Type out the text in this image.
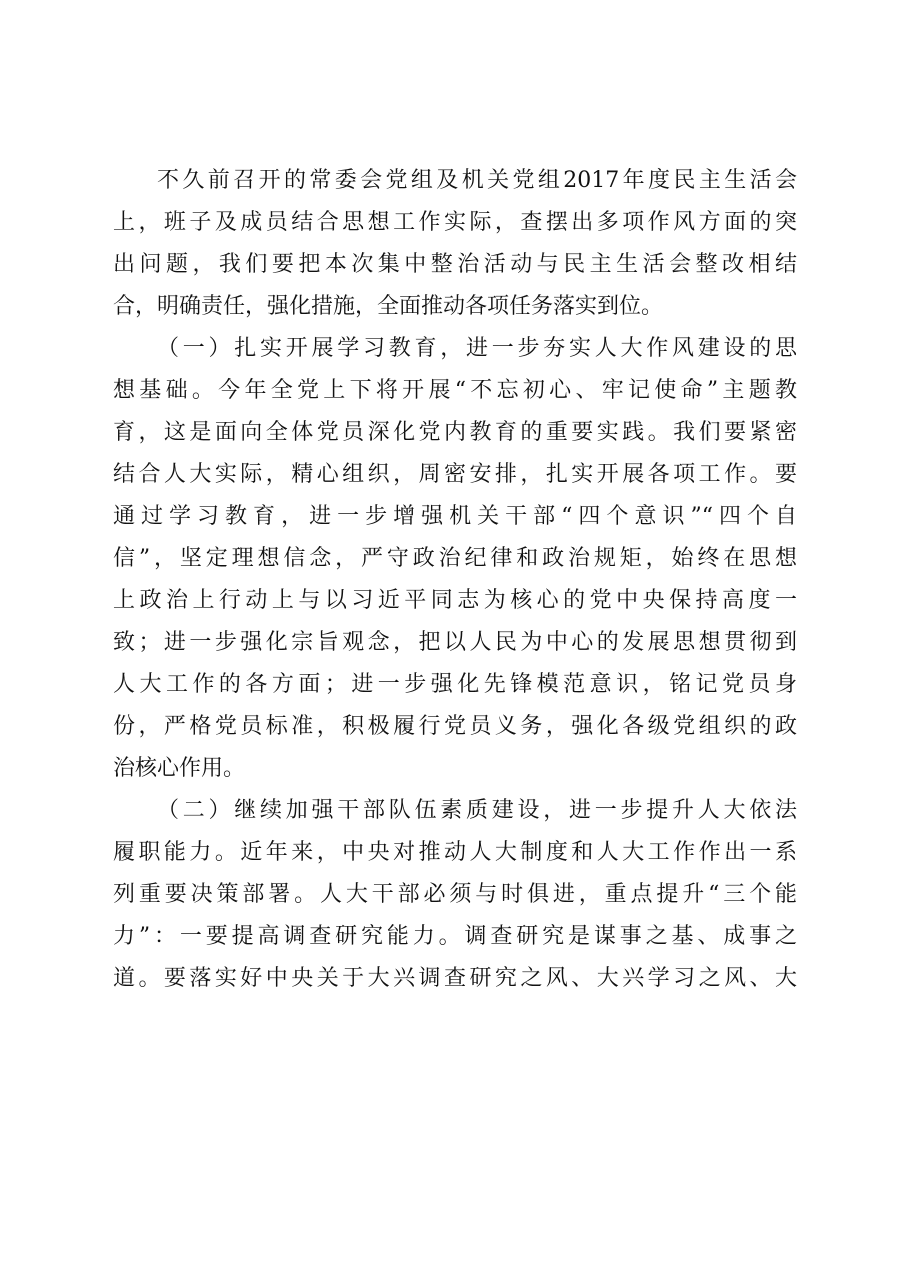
不久前召开的常委会党组及机关党组2017年度民主生活会
上，班子及成员结合思想工作实际，查摆出多项作风方面的突
出问题，我们要把本次集中整治活动与民主生活会整改相结
合，明确责任，强化措施，全面推动各项任务落实到位。
（一）扎实开展学习教育，进一步夯实人大作风建设的思
想基础。今年全党上下将开展“不忘初心、牢记使命”主题教
育，这是面向全体党员深化党内教育的重要实践。我们要紧密
结合人大实际，精心组织，周密安排，扎实开展各项工作。要
通过学习教育，进一步增强机关干部“四个意识”“四个自
信”，坚定理想信念，严守政治纪律和政治规矩，始终在思想
上政治上行动上与以习近平同志为核心的党中央保持高度一
致；进一步强化宗旨观念，把以人民为中心的发展思想贯彻到
人大工作的各方面；进一步强化先锋模范意识，铭记党员身
份，严格党员标准，积极履行党员义务，强化各级党组织的政
治核心作用。
（二）继续加强干部队伍素质建设，进一步提升人大依法
履职能力。近年来，中央对推动人大制度和人大工作作出一系
列重要决策部署。人大干部必须与时俱进，重点提升“三个能
力”：一要提高调查研究能力。调查研究是谋事之基、成事之
道。要落实好中央关于大兴调查研究之风、大兴学习之风、大
